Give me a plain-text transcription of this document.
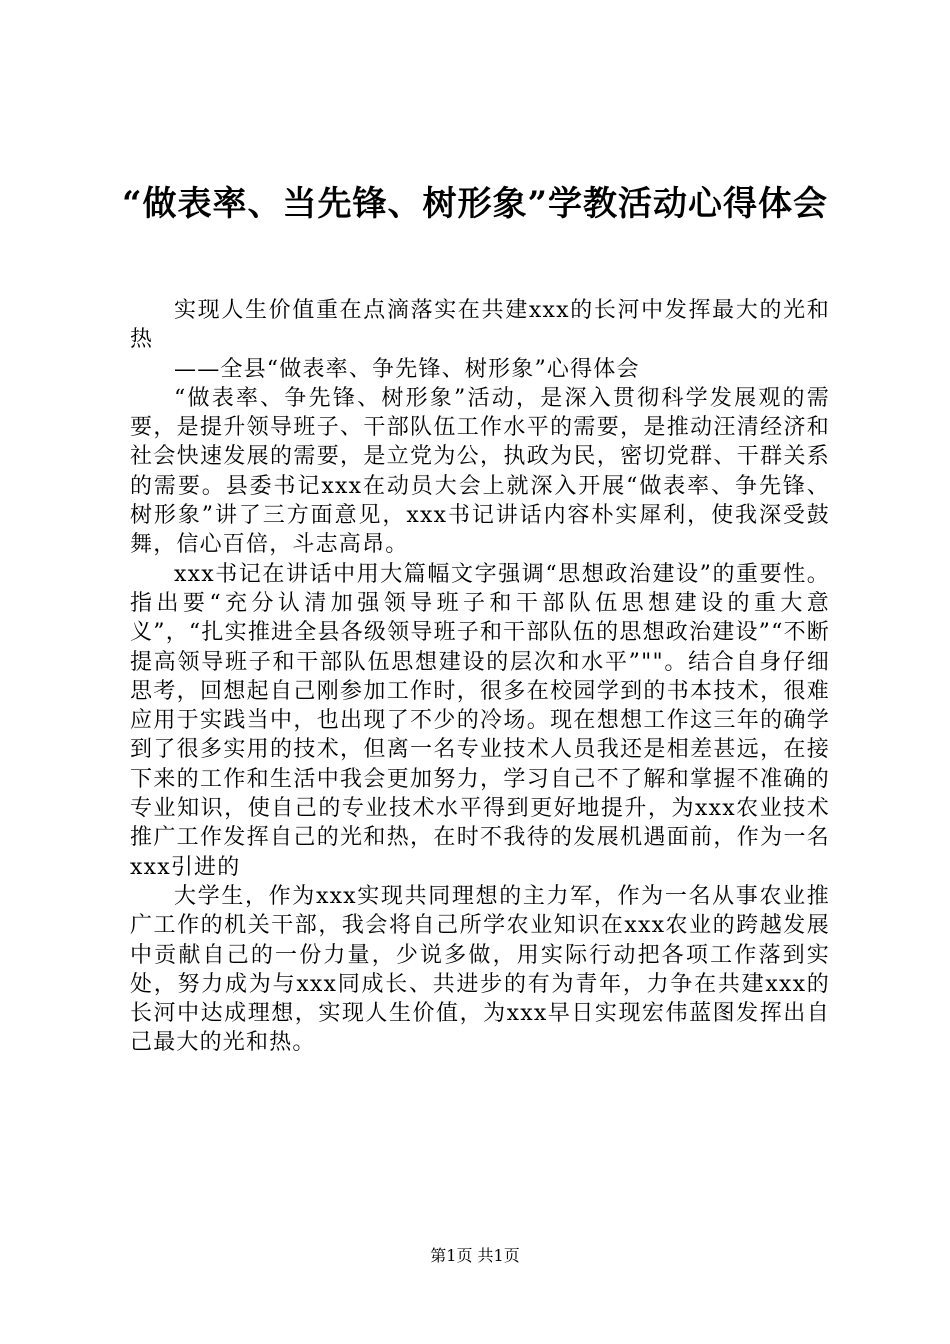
“做表率、当先锋、树形象”学教活动心得体会

实现人生价值重在点滴落实在共建xxx的长河中发挥最大的光和热

——全县“做表率、争先锋、树形象”心得体会

“做表率、争先锋、树形象”活动，是深入贯彻科学发展观的需要，是提升领导班子、干部队伍工作水平的需要，是推动汪清经济和社会快速发展的需要，是立党为公，执政为民，密切党群、干群关系的需要。县委书记xxx在动员大会上就深入开展“做表率、争先锋、树形象”讲了三方面意见，xxx书记讲话内容朴实犀利，使我深受鼓舞，信心百倍，斗志高昂。

xxx书记在讲话中用大篇幅文字强调“思想政治建设”的重要性。指出要“充分认清加强领导班子和干部队伍思想建设的重大意义”，“扎实推进全县各级领导班子和干部队伍的思想政治建设”“不断提高领导班子和干部队伍思想建设的层次和水平”""。结合自身仔细思考，回想起自己刚参加工作时，很多在校园学到的书本技术，很难应用于实践当中，也出现了不少的冷场。现在想想工作这三年的确学到了很多实用的技术，但离一名专业技术人员我还是相差甚远，在接下来的工作和生活中我会更加努力，学习自己不了解和掌握不准确的专业知识，使自己的专业技术水平得到更好地提升，为xxx农业技术推广工作发挥自己的光和热，在时不我待的发展机遇面前，作为一名xxx引进的

大学生，作为xxx实现共同理想的主力军，作为一名从事农业推广工作的机关干部，我会将自己所学农业知识在xxx农业的跨越发展中贡献自己的一份力量，少说多做，用实际行动把各项工作落到实处，努力成为与xxx同成长、共进步的有为青年，力争在共建xxx的长河中达成理想，实现人生价值，为xxx早日实现宏伟蓝图发挥出自己最大的光和热。

第1页 共1页
